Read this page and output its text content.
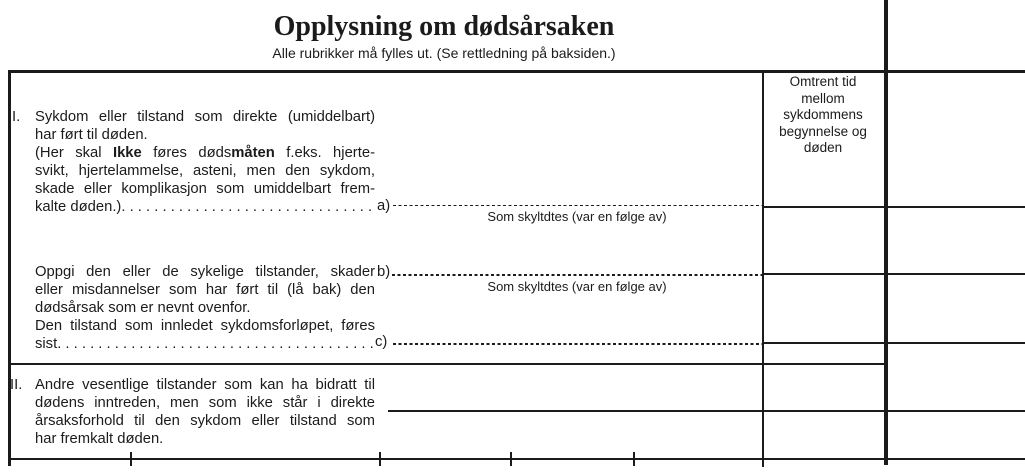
Opplysning om dødsårsaken
Alle rubrikker må fylles ut. (Se rettledning på baksiden.)
Omtrent tid
mellom
sykdommens
begynnelse og
døden
I. Sykdom eller tilstand som direkte (umiddelbart)
har ført til døden.
(Her skal Ikke føres dødsmåten f.eks. hjerte-
svikt, hjertelammelse, asteni, men den sykdom,
skade eller komplikasjon som umiddelbart frem-
kalte døden.). . . . . . . . . . . . . . . . . . . . . . . . . . . . . . . a)
Som skyltdtes (var en følge av)
Oppgi den eller de sykelige tilstander, skader
eller misdannelser som har ført til (lå bak) den
dødsårsak som er nevnt ovenfor.
Den tilstand som innledet sykdomsforløpet, føres
sist. . . . . . . . . . . . . . . . . . . . . . . . . . . . . . . . . . . . . . .
b)
Som skyltdtes (var en følge av)
c)
II. Andre vesentlige tilstander som kan ha bidratt til
dødens inntreden, men som ikke står i direkte
årsaksforhold til den sykdom eller tilstand som
har fremkalt døden.
